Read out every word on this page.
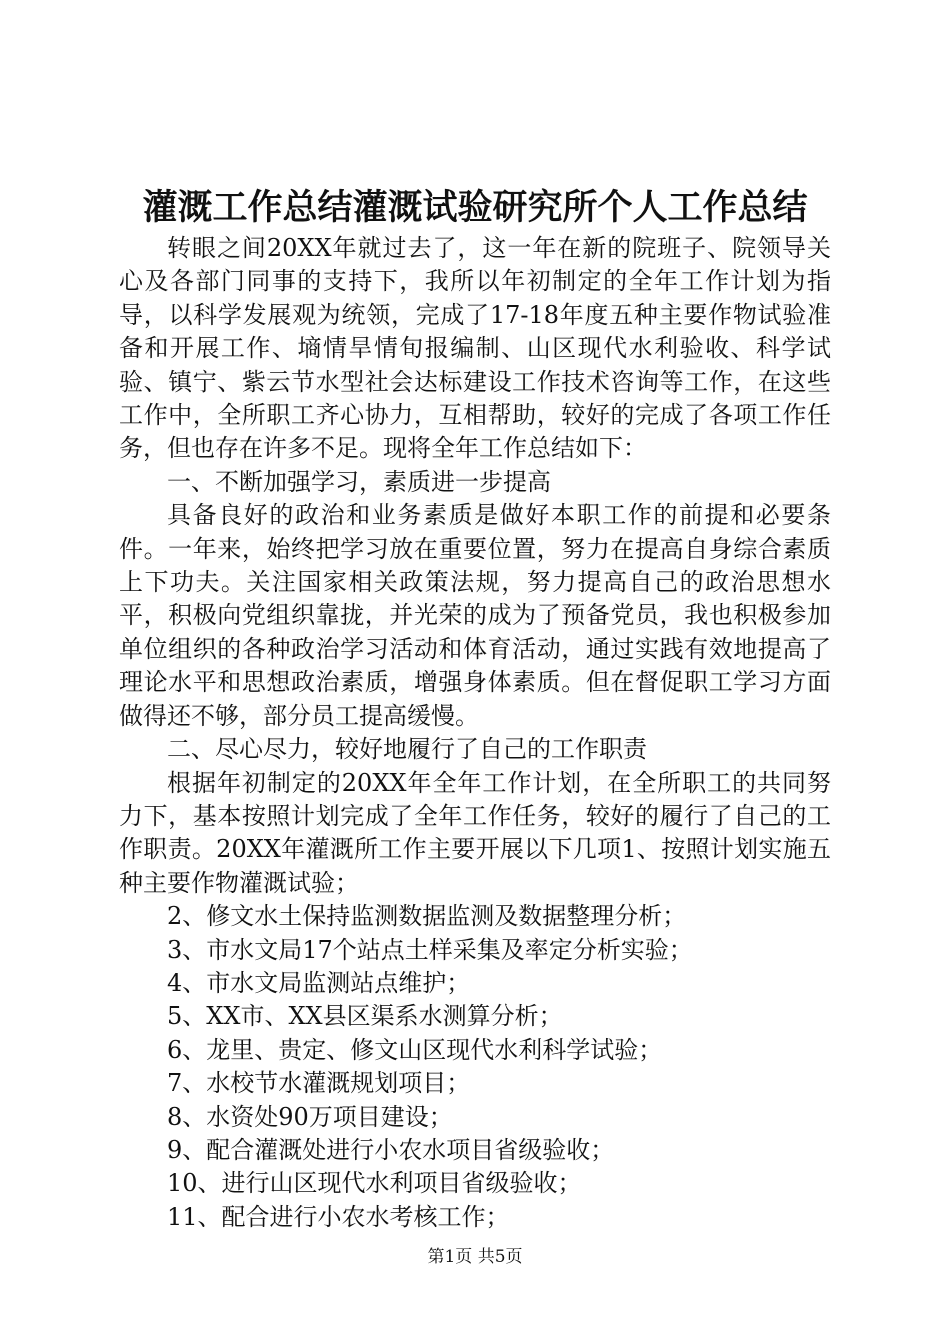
灌溉工作总结灌溉试验研究所个人工作总结

转眼之间20XX年就过去了，这一年在新的院班子、院领导关心及各部门同事的支持下，我所以年初制定的全年工作计划为指导，以科学发展观为统领，完成了17-18年度五种主要作物试验准备和开展工作、墒情旱情旬报编制、山区现代水利验收、科学试验、镇宁、紫云节水型社会达标建设工作技术咨询等工作，在这些工作中，全所职工齐心协力，互相帮助，较好的完成了各项工作任务，但也存在许多不足。现将全年工作总结如下：

一、不断加强学习，素质进一步提高

具备良好的政治和业务素质是做好本职工作的前提和必要条件。一年来，始终把学习放在重要位置，努力在提高自身综合素质上下功夫。关注国家相关政策法规，努力提高自己的政治思想水平，积极向党组织靠拢，并光荣的成为了预备党员，我也积极参加单位组织的各种政治学习活动和体育活动，通过实践有效地提高了理论水平和思想政治素质，增强身体素质。但在督促职工学习方面做得还不够，部分员工提高缓慢。

二、尽心尽力，较好地履行了自己的工作职责

根据年初制定的20XX年全年工作计划，在全所职工的共同努力下，基本按照计划完成了全年工作任务，较好的履行了自己的工作职责。20XX年灌溉所工作主要开展以下几项1、按照计划实施五种主要作物灌溉试验；

2、修文水土保持监测数据监测及数据整理分析；

3、市水文局17个站点土样采集及率定分析实验；

4、市水文局监测站点维护；

5、XX市、XX县区渠系水测算分析；

6、龙里、贵定、修文山区现代水利科学试验；

7、水校节水灌溉规划项目；

8、水资处90万项目建设；

9、配合灌溉处进行小农水项目省级验收；

10、进行山区现代水利项目省级验收；

11、配合进行小农水考核工作；

第1页 共5页
